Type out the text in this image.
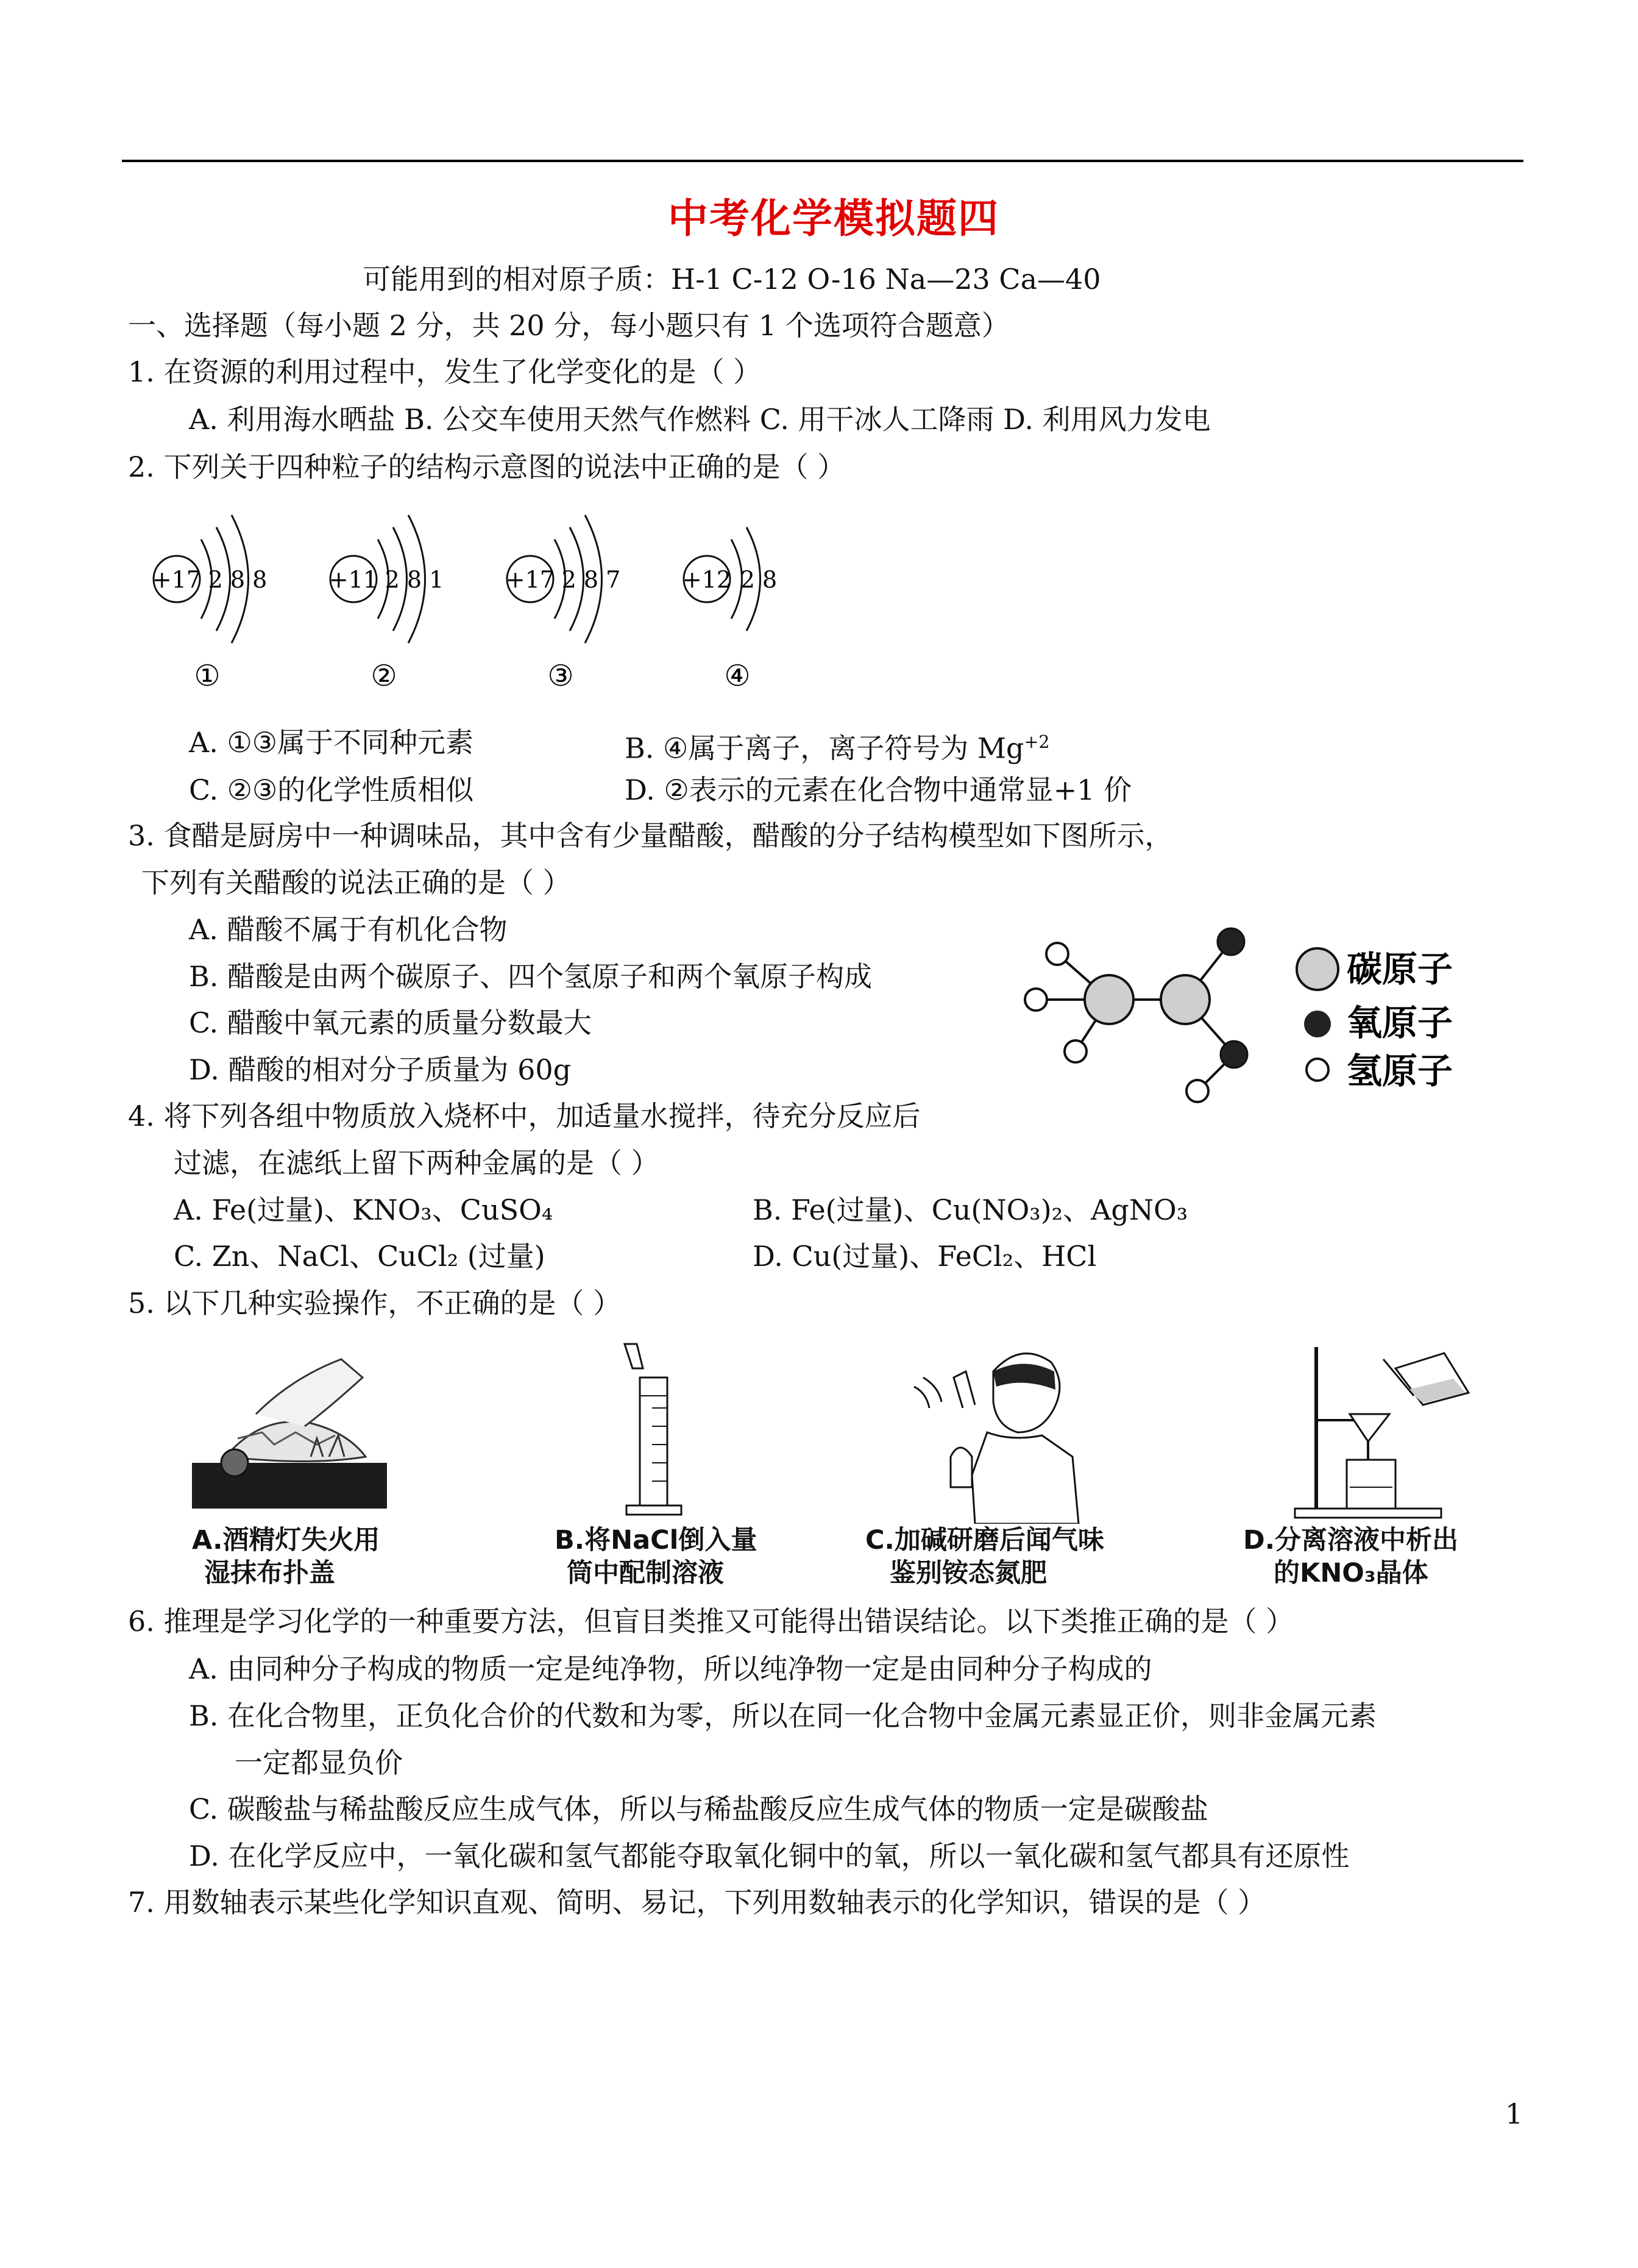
中考化学模拟题四
可能用到的相对原子质：H-1 C-12 O-16 Na—23 Ca—40
一、选择题（每小题 2 分，共 20 分，每小题只有 1 个选项符合题意）
1. 在资源的利用过程中，发生了化学变化的是（ ）
A. 利用海水晒盐 B. 公交车使用天然气作燃料 C. 用干冰人工降雨 D. 利用风力发电
2. 下列关于四种粒子的结构示意图的说法中正确的是（ ）
+17 2 8 8
①
+11 2 8 1
②
+17 2 8 7
③
+12 2 8
④
A. ①③属于不同种元素	B. ④属于离子，离子符号为 $Mg^{+2}$
C. ②③的化学性质相似	D. ②表示的元素在化合物中通常显+1 价
3. 食醋是厨房中一种调味品，其中含有少量醋酸，醋酸的分子结构模型如下图所示，
下列有关醋酸的说法正确的是（ ）
A. 醋酸不属于有机化合物
B. 醋酸是由两个碳原子、四个氢原子和两个氧原子构成
C. 醋酸中氧元素的质量分数最大
D. 醋酸的相对分子质量为 60g
碳原子
氧原子
氢原子
4. 将下列各组中物质放入烧杯中，加适量水搅拌，待充分反应后
过滤，在滤纸上留下两种金属的是（ ）
A. Fe(过量)、KNO₃、CuSO₄	B. Fe(过量)、Cu(NO₃)₂、AgNO₃
C. Zn、NaCl、CuCl₂ (过量)	D. Cu(过量)、FeCl₂、HCl
5. 以下几种实验操作，不正确的是（ ）
A.酒精灯失火用
湿抹布扑盖
B.将NaCl倒入量
筒中配制溶液
C.加碱研磨后闻气味
鉴别铵态氮肥
D.分离溶液中析出
的KNO₃晶体
6. 推理是学习化学的一种重要方法，但盲目类推又可能得出错误结论。以下类推正确的是（ ）
A. 由同种分子构成的物质一定是纯净物，所以纯净物一定是由同种分子构成的
B. 在化合物里，正负化合价的代数和为零，所以在同一化合物中金属元素显正价，则非金属元素
一定都显负价
C. 碳酸盐与稀盐酸反应生成气体，所以与稀盐酸反应生成气体的物质一定是碳酸盐
D. 在化学反应中，一氧化碳和氢气都能夺取氧化铜中的氧，所以一氧化碳和氢气都具有还原性
7. 用数轴表示某些化学知识直观、简明、易记，下列用数轴表示的化学知识，错误的是（ ）
1
